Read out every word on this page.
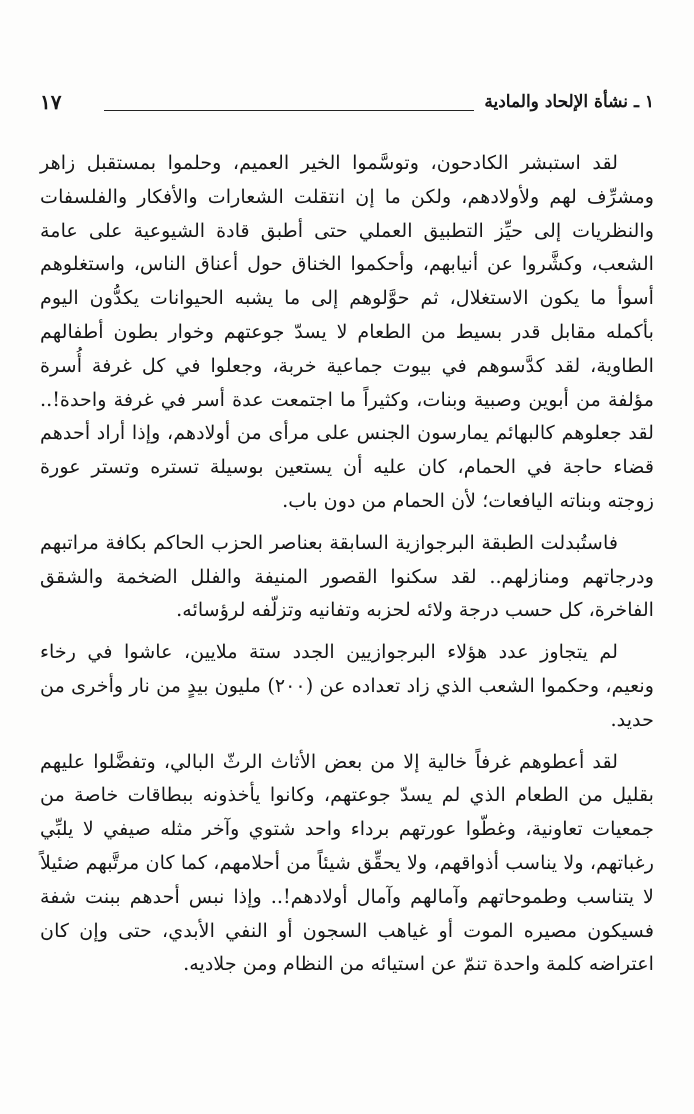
١ ـ نشأة الإلحاد والمادية
١٧

لقد استبشر الكادحون، وتوسَّموا الخير العميم، وحلموا بمستقبل زاهر ومشرِّف لهم ولأولادهم، ولكن ما إن انتقلت الشعارات والأفكار والفلسفات والنظريات إلى حيِّز التطبيق العملي حتى أطبق قادة الشيوعية على عامة الشعب، وكشَّروا عن أنيابهم، وأحكموا الخناق حول أعناق الناس، واستغلوهم أسوأ ما يكون الاستغلال، ثم حوَّلوهم إلى ما يشبه الحيوانات يكدُّون اليوم بأكمله مقابل قدر بسيط من الطعام لا يسدّ جوعتهم وخوار بطون أطفالهم الطاوية، لقد كدَّسوهم في بيوت جماعية خربة، وجعلوا في كل غرفة أُسرة مؤلفة من أبوين وصبية وبنات، وكثيراً ما اجتمعت عدة أسر في غرفة واحدة!.. لقد جعلوهم كالبهائم يمارسون الجنس على مرأى من أولادهم، وإذا أراد أحدهم قضاء حاجة في الحمام، كان عليه أن يستعين بوسيلة تستره وتستر عورة زوجته وبناته اليافعات؛ لأن الحمام من دون باب.

فاستُبدلت الطبقة البرجوازية السابقة بعناصر الحزب الحاكم بكافة مراتبهم ودرجاتهم ومنازلهم.. لقد سكنوا القصور المنيفة والفلل الضخمة والشقق الفاخرة، كل حسب درجة ولائه لحزبه وتفانيه وتزلّفه لرؤسائه.

لم يتجاوز عدد هؤلاء البرجوازيين الجدد ستة ملايين، عاشوا في رخاء ونعيم، وحكموا الشعب الذي زاد تعداده عن (٢٠٠) مليون بيدٍ من نار وأخرى من حديد.

لقد أعطوهم غرفاً خالية إلا من بعض الأثاث الرثّ البالي، وتفضَّلوا عليهم بقليل من الطعام الذي لم يسدّ جوعتهم، وكانوا يأخذونه ببطاقات خاصة من جمعيات تعاونية، وغطّوا عورتهم برداء واحد شتوي وآخر مثله صيفي لا يلبِّي رغباتهم، ولا يناسب أذواقهم، ولا يحقِّق شيئاً من أحلامهم، كما كان مرتَّبهم ضئيلاً لا يتناسب وطموحاتهم وآمالهم وآمال أولادهم!.. وإذا نبس أحدهم ببنت شفة فسيكون مصيره الموت أو غياهب السجون أو النفي الأبدي، حتى وإن كان اعتراضه كلمة واحدة تنمّ عن استيائه من النظام ومن جلاديه.
